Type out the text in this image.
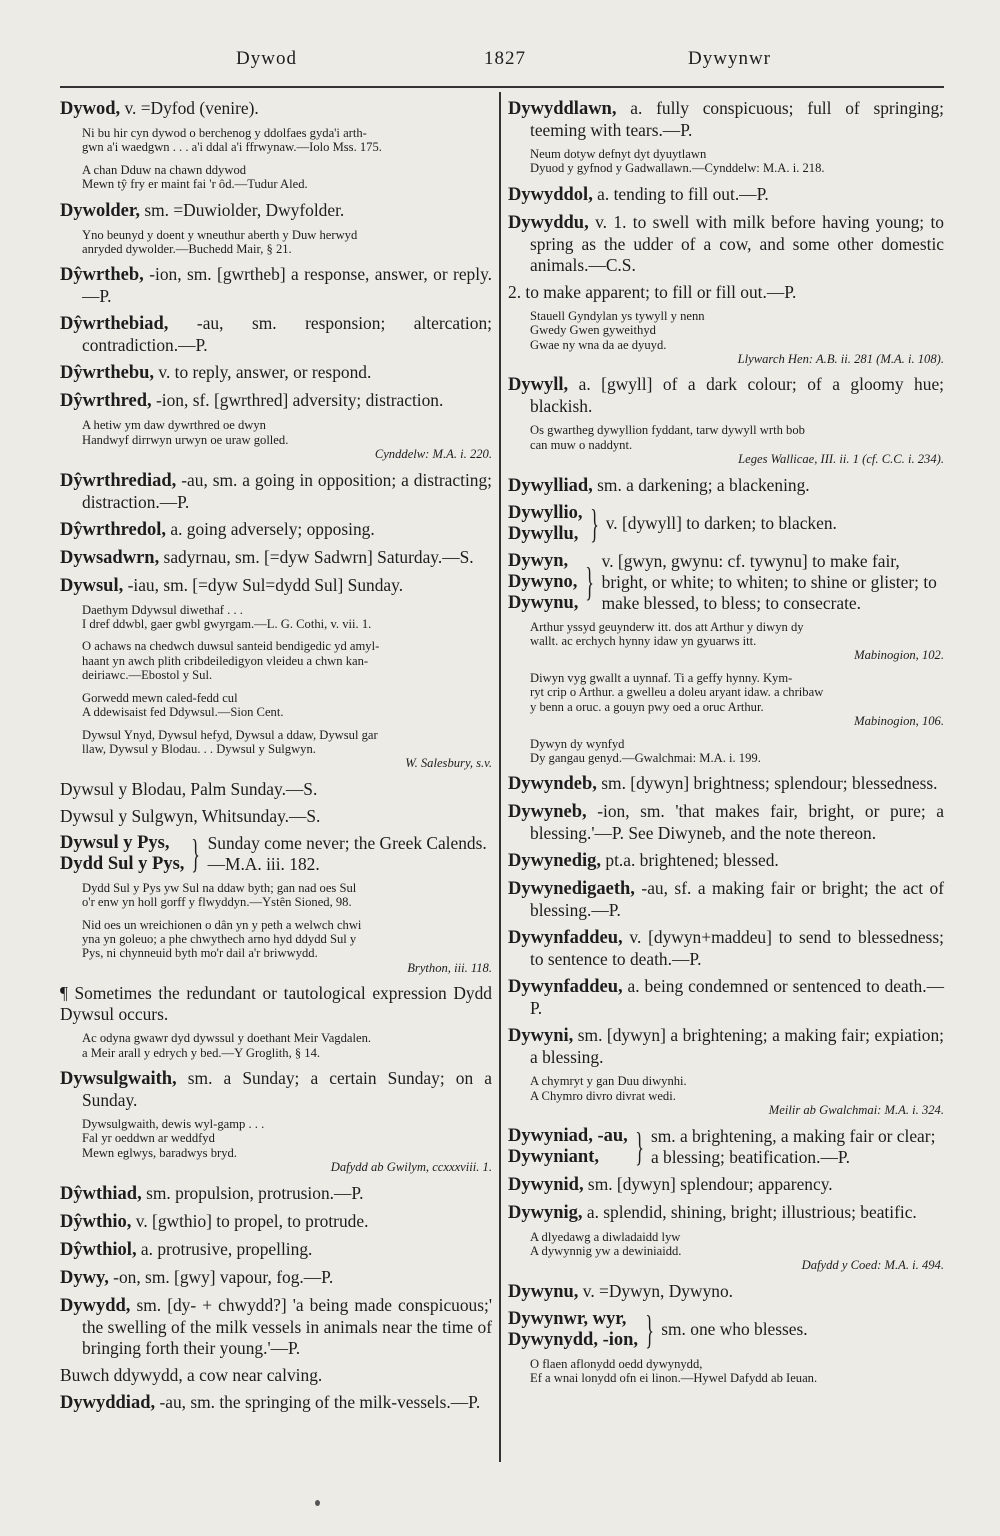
Dywod	1827	Dywynwr
Dywod, v. =Dyfod (venire).
Ni bu hir cyn dywod o berchenog y ddolfaes gyda'i arth-
gwn a'i waedgwn . . . a'i ddal a'i ffrwynaw.—Iolo Mss. 175.
A chan Dduw na chawn ddywod
Mewn tŷ fry er maint fai 'r ôd.—Tudur Aled.
Dywolder, sm. =Duwiolder, Dwyfolder.
Yno beunyd y doent y wneuthur aberth y Duw herwyd
anryded dywolder.—Buchedd Mair, § 21.
Dŷwrtheb, -ion, sm. [gwrtheb] a response, answer, or reply.—P.
Dŷwrthebiad, -au, sm. responsion; altercation; contradiction.—P.
Dŷwrthebu, v. to reply, answer, or respond.
Dŷwrthred, -ion, sf. [gwrthred] adversity; distraction.
A hetiw ym daw dywrthred oe dwyn
Handwyf dirrwyn urwyn oe uraw golled.
Cynddelw: M.A. i. 220.
Dŷwrthrediad, -au, sm. a going in opposition; a distracting; distraction.—P.
Dŷwrthredol, a. going adversely; opposing.
Dywsadwrn, sadyrnau, sm. [=dyw Sadwrn] Saturday.—S.
Dywsul, -iau, sm. [=dyw Sul=dydd Sul] Sunday.
Daethym Ddywsul diwethaf . . .
I dref ddwbl, gaer gwbl gwyrgam.—L. G. Cothi, v. vii. 1.
O achaws na chedwch duwsul santeid bendigedic yd amyl-
haant yn awch plith cribdeiledigyon vleideu a chwn kan-
deiriawc.—Ebostol y Sul.
Gorwedd mewn caled-fedd cul
A ddewisaist fed Ddywsul.—Sion Cent.
Dywsul Ynyd, Dywsul hefyd, Dywsul a ddaw, Dywsul gar
llaw, Dywsul y Blodau. . . Dywsul y Sulgwyn.
W. Salesbury, s.v.
Dywsul y Blodau, Palm Sunday.—S.
Dywsul y Sulgwyn, Whitsunday.—S.
Dywsul y Pys,
Dydd Sul y Pys, } Sunday come never; the Greek Calends.—M.A. iii. 182.
Dydd Sul y Pys yw Sul na ddaw byth; gan nad oes Sul
o'r enw yn holl gorff y flwyddyn.—Ystên Sioned, 98.
Nid oes un wreichionen o dân yn y peth a welwch chwi
yna yn goleuo; a phe chwythech arno hyd ddydd Sul y
Pys, ni chynneuid byth mo'r dail a'r briwwydd.
Brython, iii. 118.
¶ Sometimes the redundant or tautological expression Dydd Dywsul occurs.
Ac odyna gwawr dyd dywssul y doethant Meir Vagdalen.
a Meir arall y edrych y bed.—Y Groglith, § 14.
Dywsulgwaith, sm. a Sunday; a certain Sunday; on a Sunday.
Dywsulgwaith, dewis wyl-gamp . . .
Fal yr oeddwn ar weddfyd
Mewn eglwys, baradwys bryd.
Dafydd ab Gwilym, ccxxxviii. 1.
Dŷwthiad, sm. propulsion, protrusion.—P.
Dŷwthio, v. [gwthio] to propel, to protrude.
Dŷwthiol, a. protrusive, propelling.
Dywy, -on, sm. [gwy] vapour, fog.—P.
Dywydd, sm. [dy- + chwydd?] 'a being made conspicuous;' the swelling of the milk vessels in animals near the time of bringing forth their young.'—P.
Buwch ddywydd, a cow near calving.
Dywyddiad, -au, sm. the springing of the milk-vessels.—P.
Dywyddlawn, a. fully conspicuous; full of springing; teeming with tears.—P.
Neum dotyw defnyt dyt dyuytlawn
Dyuod y gyfnod y Gadwallawn.—Cynddelw: M.A. i. 218.
Dywyddol, a. tending to fill out.—P.
Dywyddu, v. 1. to swell with milk before having young; to spring as the udder of a cow, and some other domestic animals.—C.S.
2. to make apparent; to fill or fill out.—P.
Stauell Gyndylan ys tywyll y nenn
Gwedy Gwen gyweithyd
Gwae ny wna da ae dyuyd.
Llywarch Hen: A.B. ii. 281 (M.A. i. 108).
Dywyll, a. [gwyll] of a dark colour; of a gloomy hue; blackish.
Os gwartheg dywyllion fyddant, tarw dywyll wrth bob
can muw o naddynt.
Leges Wallicae, III. ii. 1 (cf. C.C. i. 234).
Dywylliad, sm. a darkening; a blackening.
Dywyllio,
Dywyllu, } v. [dywyll] to darken; to blacken.
Dywyn,
Dywyno,
Dywynu, } v. [gwyn, gwynu: cf. tywynu] to make fair, bright, or white; to whiten; to shine or glister; to make blessed, to bless; to consecrate.
Arthur yssyd geuynderw itt. dos att Arthur y diwyn dy
wallt. ac erchych hynny idaw yn gyuarws itt.
Mabinogion, 102.
Diwyn vyg gwallt a uynnaf. Ti a geffy hynny. Kym-
ryt crip o Arthur. a gwelleu a doleu aryant idaw. a chribaw
y benn a oruc. a gouyn pwy oed a oruc Arthur.
Mabinogion, 106.
Dywyn dy wynfyd
Dy gangau genyd.—Gwalchmai: M.A. i. 199.
Dywyndeb, sm. [dywyn] brightness; splendour; blessedness.
Dywyneb, -ion, sm. 'that makes fair, bright, or pure; a blessing.'—P. See Diwyneb, and the note thereon.
Dywynedig, pt.a. brightened; blessed.
Dywynedigaeth, -au, sf. a making fair or bright; the act of blessing.—P.
Dywynfaddeu, v. [dywyn+maddeu] to send to blessedness; to sentence to death.—P.
Dywynfaddeu, a. being condemned or sentenced to death.—P.
Dywyni, sm. [dywyn] a brightening; a making fair; expiation; a blessing.
A chymryt y gan Duu diwynhi.
A Chymro divro divrat wedi.
Meilir ab Gwalchmai: M.A. i. 324.
Dywyniad, -au,
Dywyniant, } sm. a brightening, a making fair or clear; a blessing; beatification.—P.
Dywynid, sm. [dywyn] splendour; apparency.
Dywynig, a. splendid, shining, bright; illustrious; beatific.
A dlyedawg a diwladaidd lyw
A dywynnig yw a dewiniaidd.
Dafydd y Coed: M.A. i. 494.
Dywynu, v. =Dywyn, Dywyno.
Dywynwr, wyr,
Dywynydd, -ion, } sm. one who blesses.
O flaen aflonydd oedd dywynydd,
Ef a wnai lonydd ofn ei linon.—Hywel Dafydd ab Ieuan.
